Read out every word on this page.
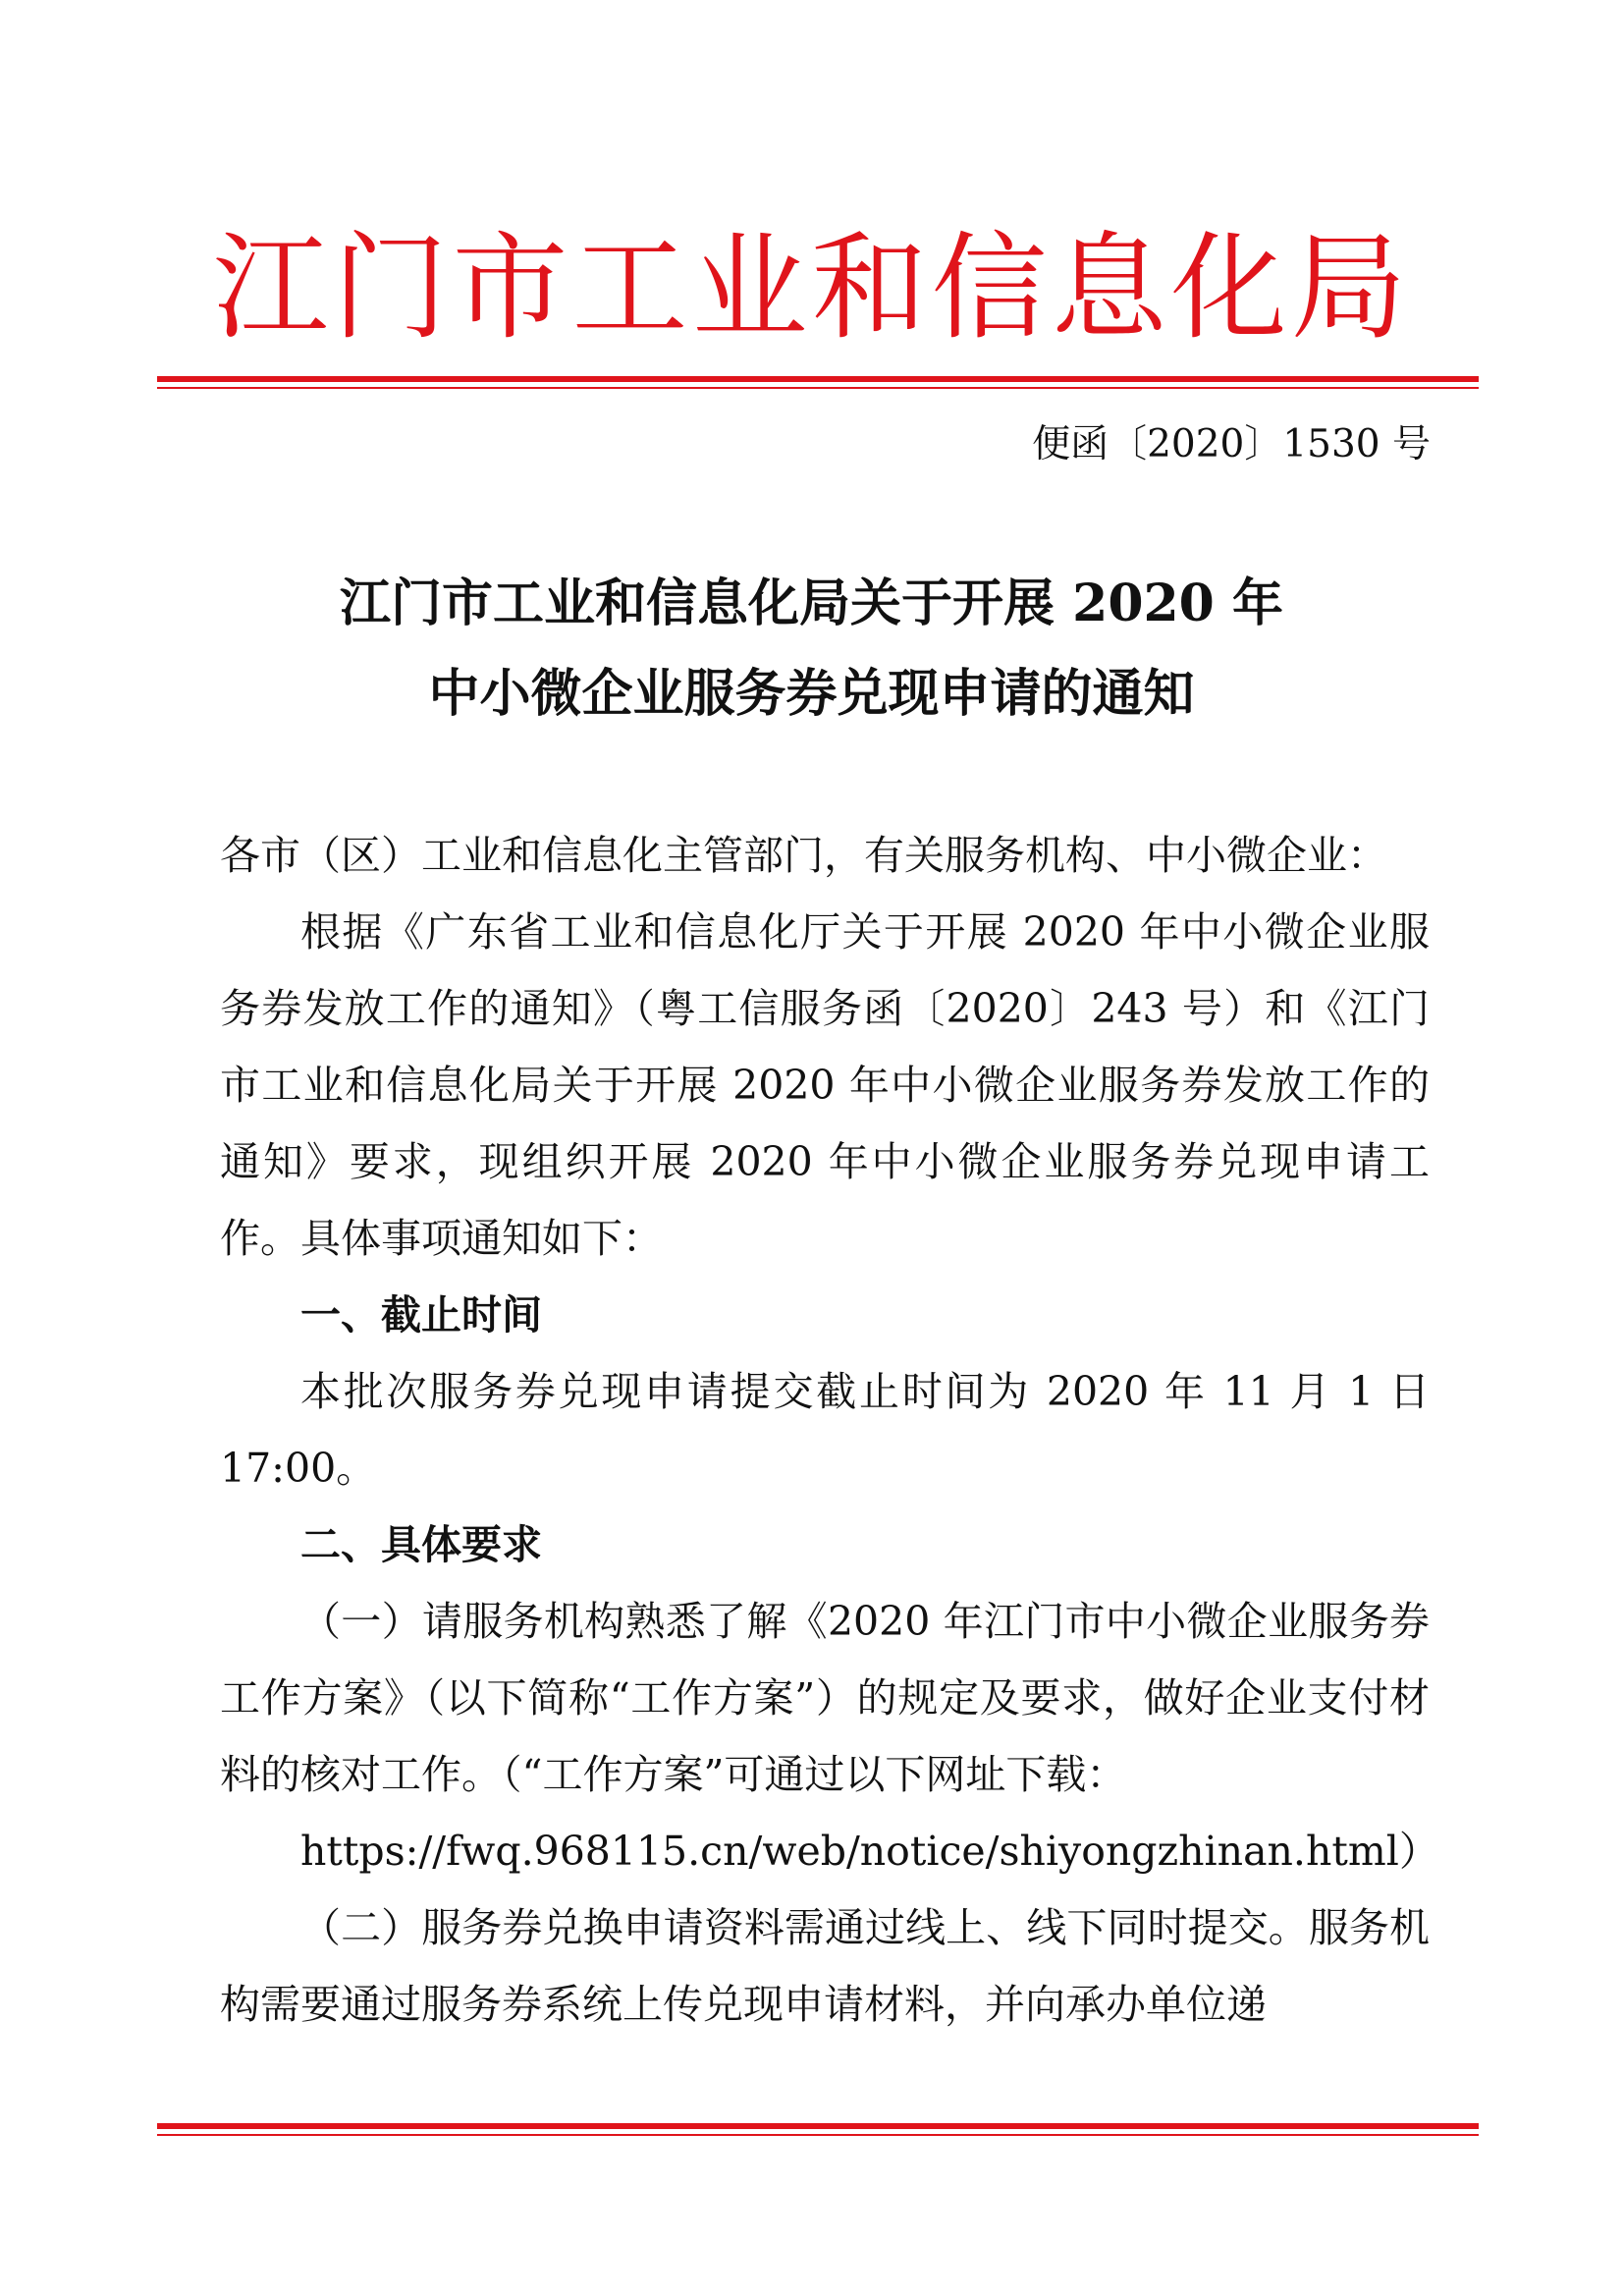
江门市工业和信息化局
便函〔2020〕1530 号
江门市工业和信息化局关于开展 2020 年
中小微企业服务券兑现申请的通知

各市（区）工业和信息化主管部门，有关服务机构、中小微企业：

根据《广东省工业和信息化厅关于开展 2020 年中小微企业服务券发放工作的通知》（粤工信服务函〔2020〕243 号）和《江门市工业和信息化局关于开展 2020 年中小微企业服务券发放工作的通知》要求，现组织开展 2020 年中小微企业服务券兑现申请工作。具体事项通知如下：

一、截止时间

本批次服务券兑现申请提交截止时间为 2020 年 11 月 1 日 17:00。

二、具体要求

（一）请服务机构熟悉了解《2020 年江门市中小微企业服务券工作方案》（以下简称“工作方案”）的规定及要求，做好企业支付材料的核对工作。（“工作方案”可通过以下网址下载：

https://fwq.968115.cn/web/notice/shiyongzhinan.html）

（二）服务券兑换申请资料需通过线上、线下同时提交。服务机构需要通过服务券系统上传兑现申请材料，并向承办单位递
